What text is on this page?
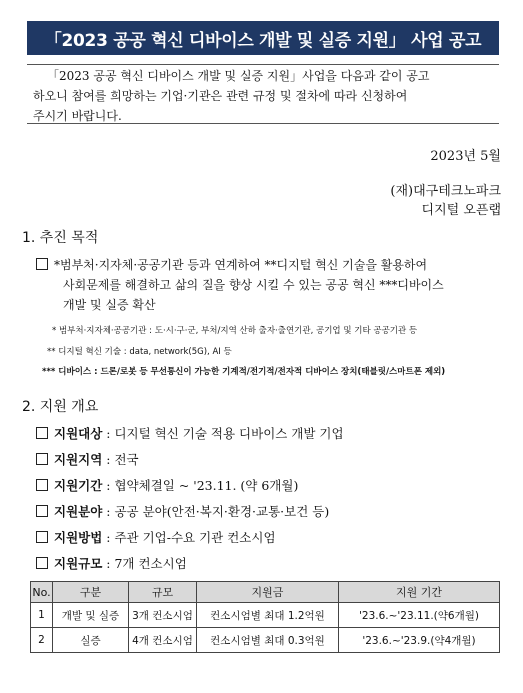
「2023 공공 혁신 디바이스 개발 및 실증 지원」 사업 공고
「2023 공공 혁신 디바이스 개발 및 실증 지원」사업을 다음과 같이 공고
하오니 참여를 희망하는 기업·기관은 관련 규정 및 절차에 따라 신청하여
주시기 바랍니다.
2023년 5월
(재)대구테크노파크
디지털 오픈랩
1. 추진 목적
*범부처·지자체·공공기관 등과 연계하여 **디지털 혁신 기술을 활용하여
사회문제를 해결하고 삶의 질을 향상 시킬 수 있는 공공 혁신 ***디바이스
개발 및 실증 확산
* 범부처·지자체·공공기관 : 도·시·구·군, 부처/지역 산하 출자·출연기관, 공기업 및 기타 공공기관 등
** 디지털 혁신 기술 : data, network(5G), AI 등
*** 디바이스 : 드론/로봇 등 무선통신이 가능한 기계적/전기적/전자적 디바이스 장치(태블릿/스마트폰 제외)
2. 지원 개요
지원대상 : 디지털 혁신 기술 적용 디바이스 개발 기업
지원지역 : 전국
지원기간 : 협약체결일 ~ '23.11. (약 6개월)
지원분야 : 공공 분야(안전·복지·환경·교통·보건 등)
지원방법 : 주관 기업-수요 기관 컨소시엄
지원규모 : 7개 컨소시엄
No.	구분	규모	지원금	지원 기간
1	개발 및 실증	3개 컨소시엄	컨소시엄별 최대 1.2억원	'23.6.~'23.11.(약6개월)
2	실증	4개 컨소시엄	컨소시엄별 최대 0.3억원	'23.6.~'23.9.(약4개월)
